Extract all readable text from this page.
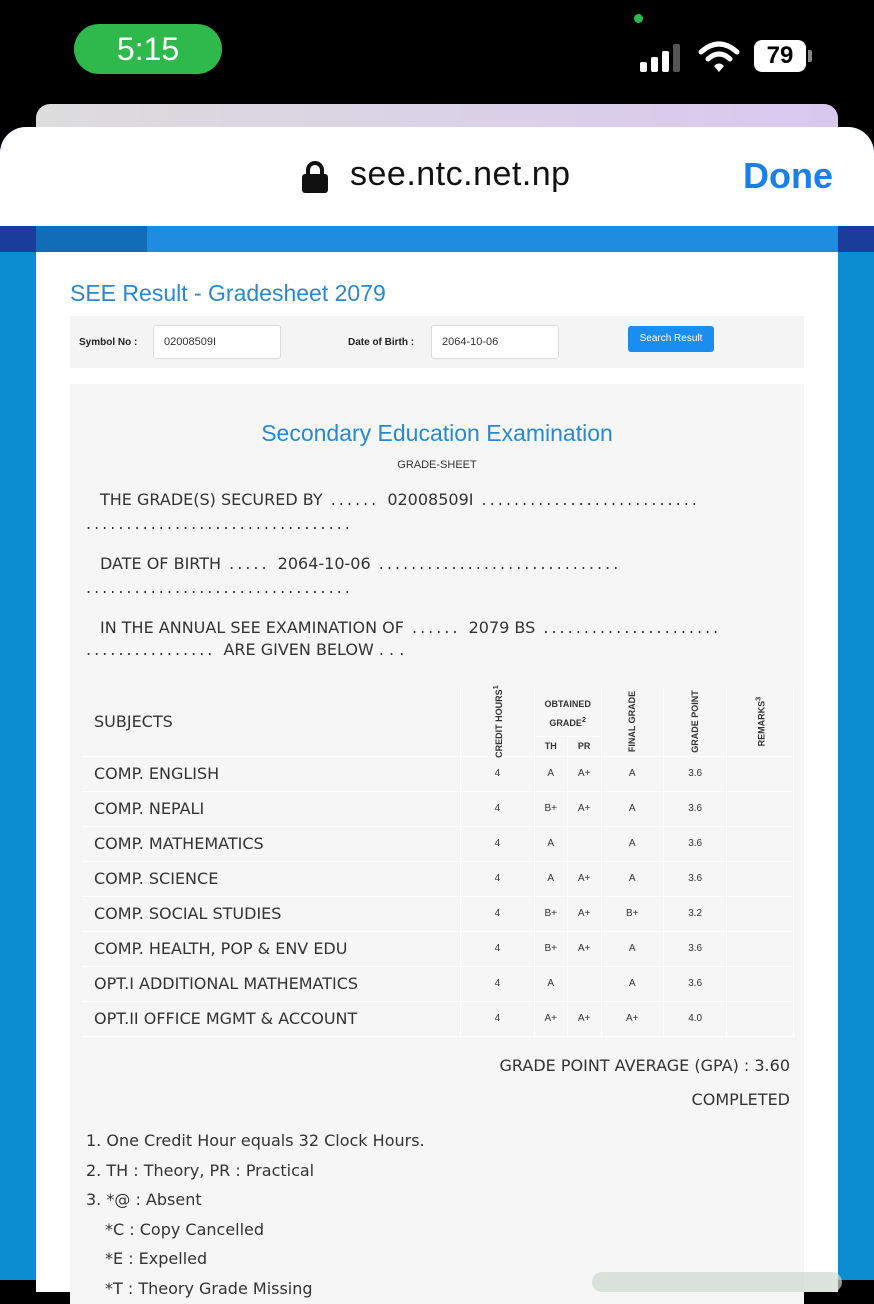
5:15	79
see.ntc.net.np	Done
SEE Result - Gradesheet 2079
Symbol No :	02008509I	Date of Birth :	2064-10-06	Search Result
Secondary Education Examination
GRADE-SHEET
THE GRADE(S) SECURED BY ...... 02008509I ...........................
.................................
DATE OF BIRTH ..... 2064-10-06 ..............................
.................................
IN THE ANNUAL SEE EXAMINATION OF ...... 2079 BS ......................
................ ARE GIVEN BELOW . . .
SUBJECTS	CREDIT HOURS$^1$	OBTAINED GRADE$^2$		FINAL GRADE	GRADE POINT	REMARKS$^3$
		TH	PR			
COMP. ENGLISH	4	A	A+	A	3.6	
COMP. NEPALI	4	B+	A+	A	3.6	
COMP. MATHEMATICS	4	A		A	3.6	
COMP. SCIENCE	4	A	A+	A	3.6	
COMP. SOCIAL STUDIES	4	B+	A+	B+	3.2	
COMP. HEALTH, POP & ENV EDU	4	B+	A+	A	3.6	
OPT.I ADDITIONAL MATHEMATICS	4	A		A	3.6	
OPT.II OFFICE MGMT & ACCOUNT	4	A+	A+	A+	4.0	
GRADE POINT AVERAGE (GPA) : 3.60
COMPLETED
1. One Credit Hour equals 32 Clock Hours.
2. TH : Theory, PR : Practical
3. *@ : Absent
*C : Copy Cancelled
*E : Expelled
*T : Theory Grade Missing
